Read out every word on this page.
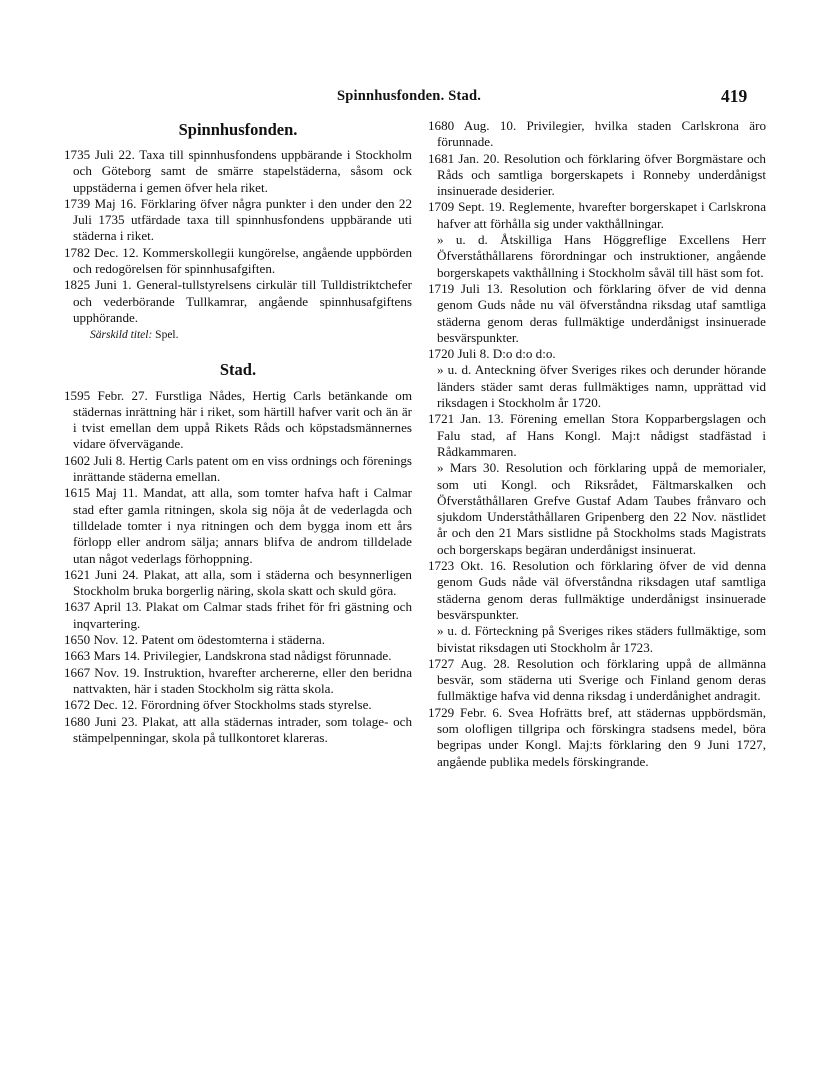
Spinnhusfonden. Stad.	419
Spinnhusfonden.

1735 Juli 22. Taxa till spinnhusfondens uppbärande i Stockholm och Göteborg samt de smärre stapelstäderna, såsom ock uppstäderna i gemen öfver hela riket.

1739 Maj 16. Förklaring öfver några punkter i den under den 22 Juli 1735 utfärdade taxa till spinnhusfondens uppbärande uti städerna i riket.

1782 Dec. 12. Kommerskollegii kungörelse, angående uppbörden och redogörelsen för spinnhusafgiften.

1825 Juni 1. General-tullstyrelsens cirkulär till Tulldistriktchefer och vederbörande Tullkamrar, angående spinnhusafgiftens upphörande.

Särskild titel: Spel.
Stad.

1595 Febr. 27. Furstliga Nådes, Hertig Carls betänkande om städernas inrättning här i riket, som härtill hafver varit och än är i tvist emellan dem uppå Rikets Råds och köpstadsmännernes vidare öfvervägande.

1602 Juli 8. Hertig Carls patent om en viss ordnings och förenings inrättande städerna emellan.

1615 Maj 11. Mandat, att alla, som tomter hafva haft i Calmar stad efter gamla ritningen, skola sig nöja åt de vederlagda och tilldelade tomter i nya ritningen och dem bygga inom ett års förlopp eller androm sälja; annars blifva de androm tilldelade utan något vederlags förhoppning.

1621 Juni 24. Plakat, att alla, som i städerna och besynnerligen Stockholm bruka borgerlig näring, skola skatt och skuld göra.

1637 April 13. Plakat om Calmar stads frihet för fri gästning och inqvartering.

1650 Nov. 12. Patent om ödestomterna i städerna.

1663 Mars 14. Privilegier, Landskrona stad nådigst förunnade.

1667 Nov. 19. Instruktion, hvarefter archererne, eller den beridna nattvakten, här i staden Stockholm sig rätta skola.

1672 Dec. 12. Förordning öfver Stockholms stads styrelse.

1680 Juni 23. Plakat, att alla städernas intrader, som tolage- och stämpelpenningar, skola på tullkontoret klareras.

1680 Aug. 10. Privilegier, hvilka staden Carlskrona äro förunnade.

1681 Jan. 20. Resolution och förklaring öfver Borgmästare och Råds och samtliga borgerskapets i Ronneby underdånigst insinuerade desiderier.

1709 Sept. 19. Reglemente, hvarefter borgerskapet i Carlskrona hafver att förhålla sig under vakthållningar.

» u. d. Åtskilliga Hans Höggreflige Excellens Herr Öfverståthållarens förordningar och instruktioner, angående borgerskapets vakthållning i Stockholm såväl till häst som fot.

1719 Juli 13. Resolution och förklaring öfver de vid denna genom Guds nåde nu väl öfverståndna riksdag utaf samtliga städerna genom deras fullmäktige underdånigst insinuerade besvärspunkter.

1720 Juli 8. D:o d:o d:o.

» u. d. Anteckning öfver Sveriges rikes och derunder hörande länders städer samt deras fullmäktiges namn, upprättad vid riksdagen i Stockholm år 1720.

1721 Jan. 13. Förening emellan Stora Kopparbergslagen och Falu stad, af Hans Kongl. Maj:t nådigst stadfästad i Rådkammaren.

» Mars 30. Resolution och förklaring uppå de memorialer, som uti Kongl. och Riksrådet, Fältmarskalken och Öfverståthållaren Grefve Gustaf Adam Taubes frånvaro och sjukdom Underståthållaren Gripenberg den 22 Nov. nästlidet år och den 21 Mars sistlidne på Stockholms stads Magistrats och borgerskaps begäran underdånigst insinuerat.

1723 Okt. 16. Resolution och förklaring öfver de vid denna genom Guds nåde väl öfverståndna riksdagen utaf samtliga städerna genom deras fullmäktige underdånigst insinuerade besvärspunkter.

» u. d. Förteckning på Sveriges rikes städers fullmäktige, som bivistat riksdagen uti Stockholm år 1723.

1727 Aug. 28. Resolution och förklaring uppå de allmänna besvär, som städerna uti Sverige och Finland genom deras fullmäktige hafva vid denna riksdag i underdånighet andragit.

1729 Febr. 6. Svea Hofrätts bref, att städernas uppbördsmän, som olofligen tillgripa och förskingra stadsens medel, böra begripas under Kongl. Maj:ts förklaring den 9 Juni 1727, angående publika medels förskingrande.
